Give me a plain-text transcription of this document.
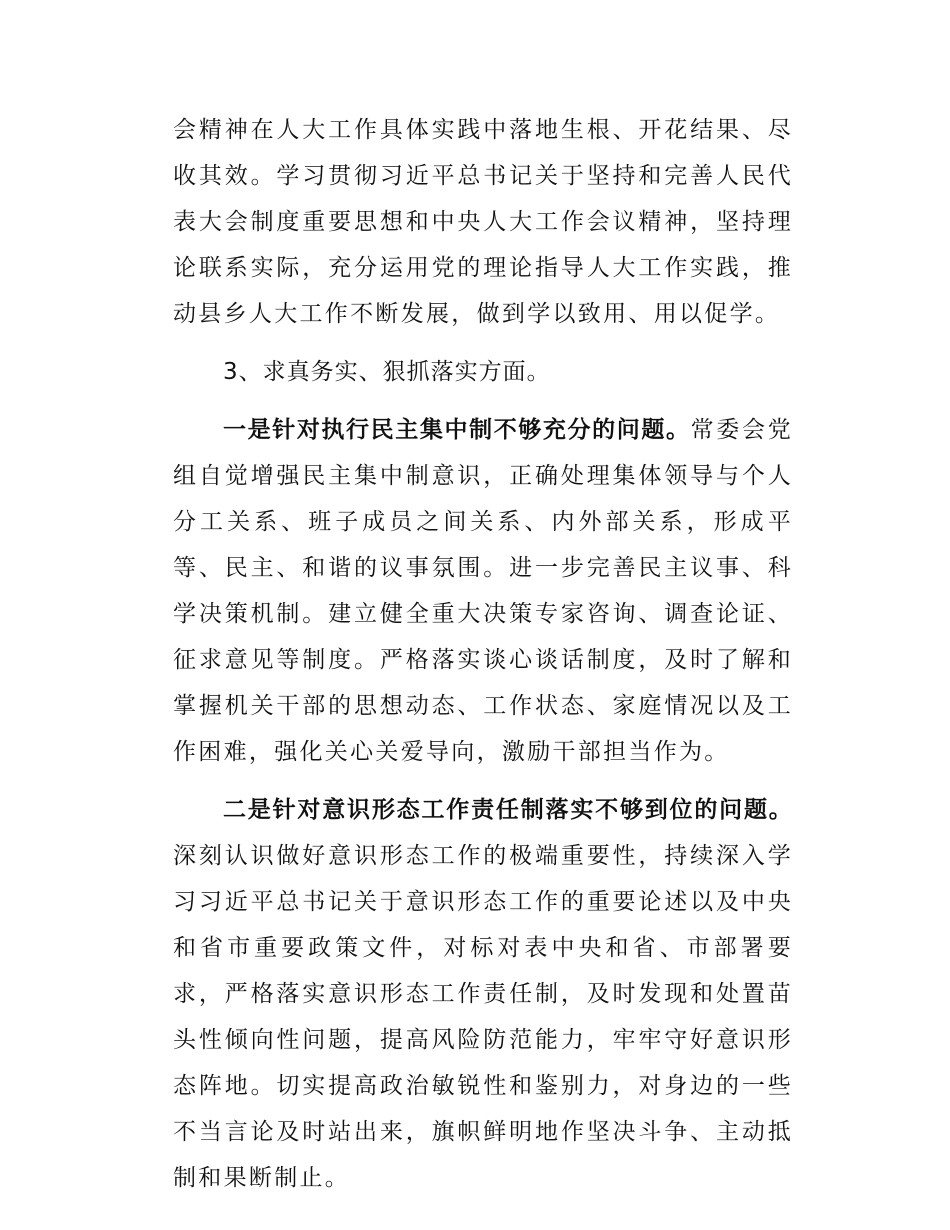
会精神在人大工作具体实践中落地生根、开花结果、尽收其效。学习贯彻习近平总书记关于坚持和完善人民代表大会制度重要思想和中央人大工作会议精神，坚持理论联系实际，充分运用党的理论指导人大工作实践，推动县乡人大工作不断发展，做到学以致用、用以促学。

3、求真务实、狠抓落实方面。

一是针对执行民主集中制不够充分的问题。常委会党组自觉增强民主集中制意识，正确处理集体领导与个人分工关系、班子成员之间关系、内外部关系，形成平等、民主、和谐的议事氛围。进一步完善民主议事、科学决策机制。建立健全重大决策专家咨询、调查论证、征求意见等制度。严格落实谈心谈话制度，及时了解和掌握机关干部的思想动态、工作状态、家庭情况以及工作困难，强化关心关爱导向，激励干部担当作为。

二是针对意识形态工作责任制落实不够到位的问题。深刻认识做好意识形态工作的极端重要性，持续深入学习习近平总书记关于意识形态工作的重要论述以及中央和省市重要政策文件，对标对表中央和省、市部署要求，严格落实意识形态工作责任制，及时发现和处置苗头性倾向性问题，提高风险防范能力，牢牢守好意识形态阵地。切实提高政治敏锐性和鉴别力，对身边的一些不当言论及时站出来，旗帜鲜明地作坚决斗争、主动抵制和果断制止。
